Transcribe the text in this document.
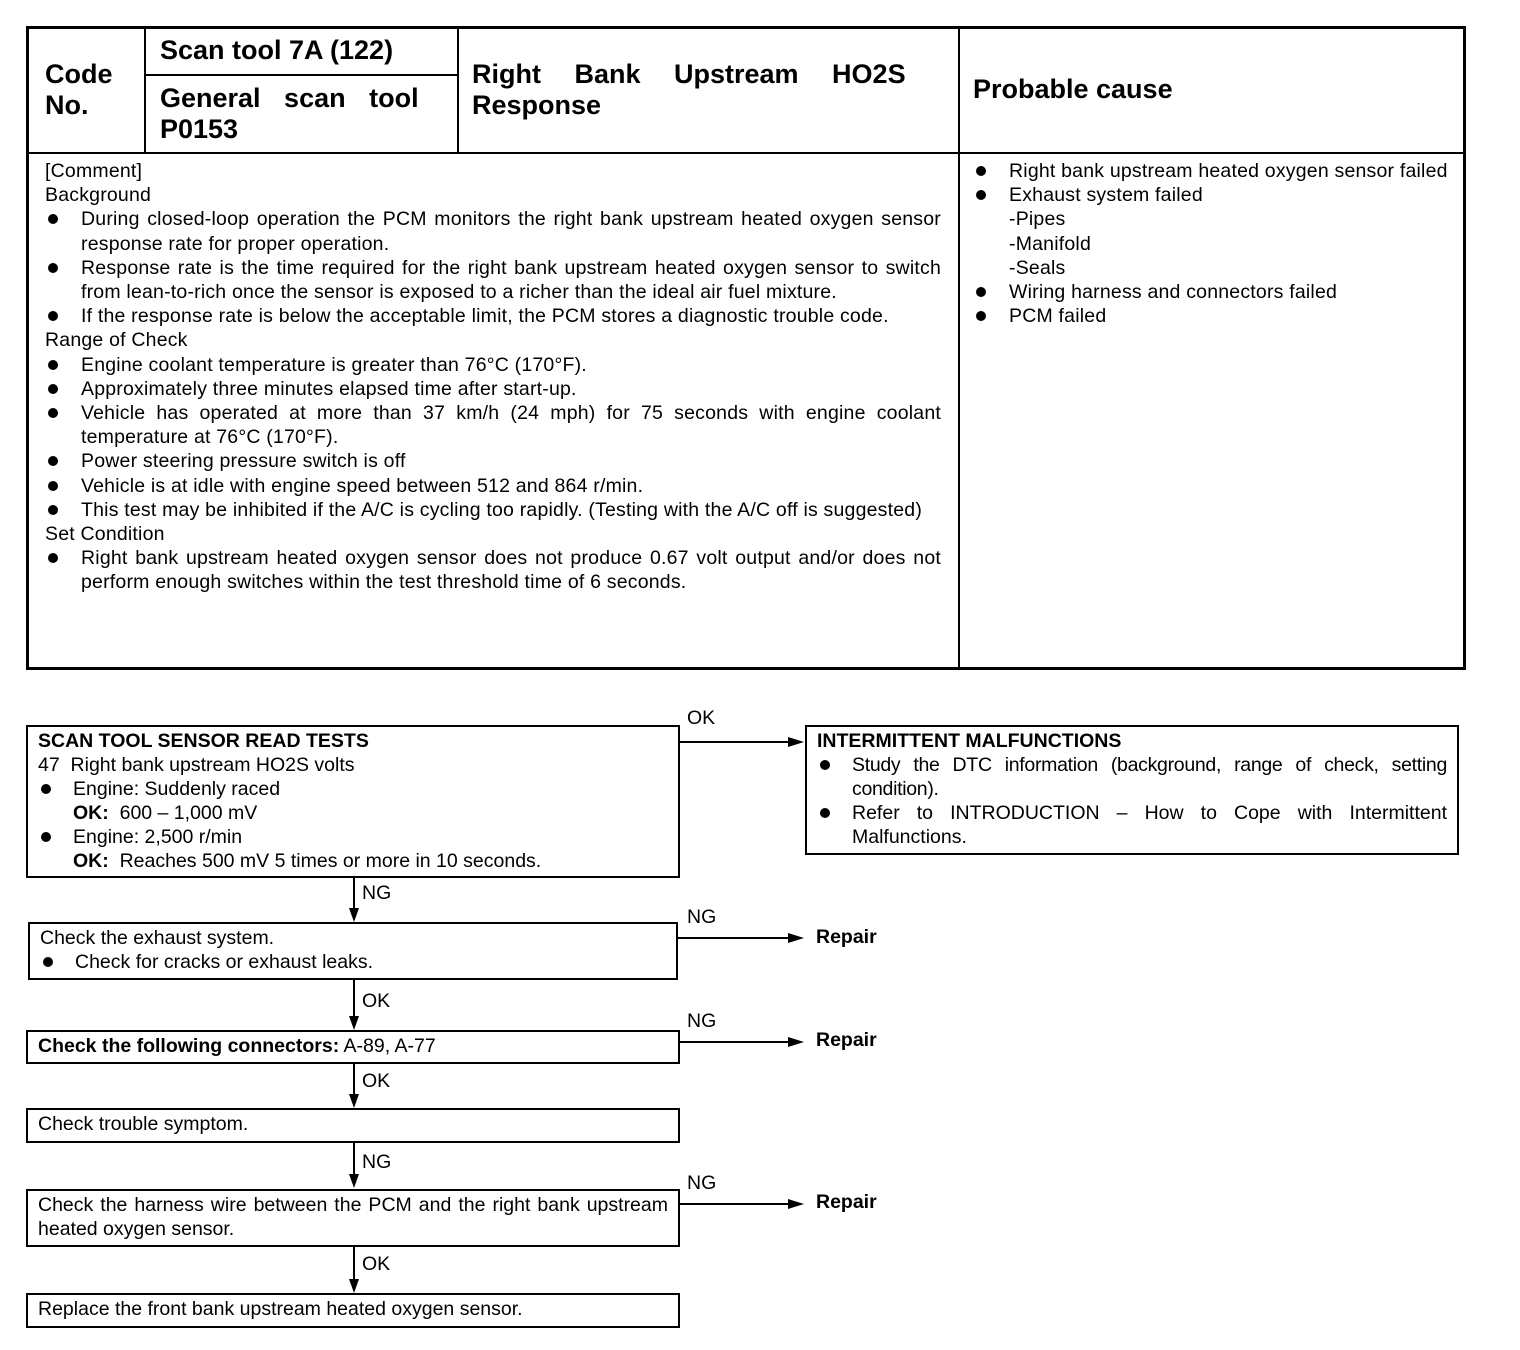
Code
No.
Scan tool 7A (122)
General scan tool
P0153
Right Bank Upstream HO2S
Response
Probable cause
[Comment]
Background
During closed-loop operation the PCM monitors the right bank upstream heated oxygen sensor response rate for proper operation.
Response rate is the time required for the right bank upstream heated oxygen sensor to switch from lean-to-rich once the sensor is exposed to a richer than the ideal air fuel mixture.
If the response rate is below the acceptable limit, the PCM stores a diagnostic trouble code.
Range of Check
Engine coolant temperature is greater than 76°C (170°F).
Approximately three minutes elapsed time after start-up.
Vehicle has operated at more than 37 km/h (24 mph) for 75 seconds with engine coolant temperature at 76°C (170°F).
Power steering pressure switch is off
Vehicle is at idle with engine speed between 512 and 864 r/min.
This test may be inhibited if the A/C is cycling too rapidly. (Testing with the A/C off is suggested)
Set Condition
Right bank upstream heated oxygen sensor does not produce 0.67 volt output and/or does not perform enough switches within the test threshold time of 6 seconds.
Right bank upstream heated oxygen sensor failed
Exhaust system failed
-Pipes
-Manifold
-Seals
Wiring harness and connectors failed
PCM failed
SCAN TOOL SENSOR READ TESTS
47  Right bank upstream HO2S volts
Engine: Suddenly raced
OK: 600 – 1,000 mV
Engine: 2,500 r/min
OK: Reaches 500 mV 5 times or more in 10 seconds.
OK
INTERMITTENT MALFUNCTIONS
Study the DTC information (background, range of check, setting condition).
Refer to INTRODUCTION – How to Cope with Intermittent Malfunctions.
NG
Check the exhaust system.
Check for cracks or exhaust leaks.
NG
Repair
OK
Check the following connectors: A-89, A-77
NG
Repair
OK
Check trouble symptom.
NG
Check the harness wire between the PCM and the right bank upstream heated oxygen sensor.
NG
Repair
OK
Replace the front bank upstream heated oxygen sensor.
